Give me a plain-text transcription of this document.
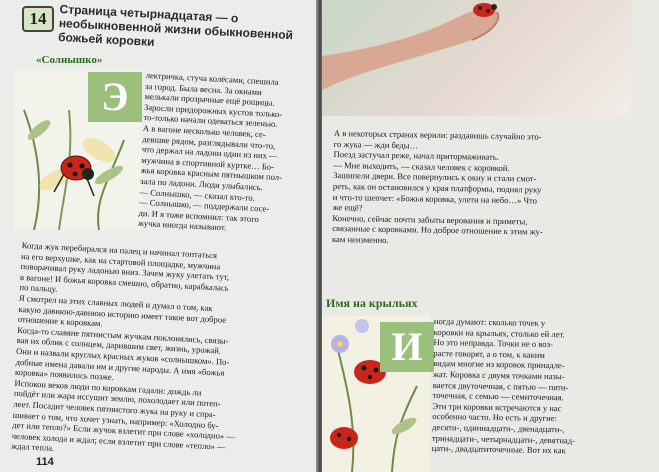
14	Страница четырнадцатая — о необыкновенной жизни обыкновенной божьей коровки
«Солнышко»
Э	лектричка, стуча колёсами, спешила
за город. Была весна. За окнами
мелькали прозрачные ещё рощицы.
Заросли придорожных кустов только-
то-только начали одеваться зеленью.
А в вагоне несколько человек, се-
девшие рядом, разглядывали что-то,
что держал на ладони один из них —
мужчина в спортивной куртке… Бо-
жья коровка красным пятнышком пол-
зала по ладони. Люди улыбались.
— Солнышко, — сказал кто-то.
— Солнышко, — поддержали сосе-
ди. И я тоже вспомнил: так этого
жучка иногда называют.
Когда жук перебирался на палец и начинал топтаться
на его верхушке, как на стартовой площадке, мужчина
поворачивал руку ладонью вниз. Зачем жуку улетать тут,
в вагоне! И божья коровка смешно, обратно, карабкалась
по пальцу.
Я смотрел на этих славных людей и думал о том, как
какую давнюю-давнюю историю имеет такое вот доброе
отношение к коровкам.
Когда-то славяне пятнистым жучкам поклонялись, связы-
вая их облик с солнцем, дарившим свет, жизнь, урожай.
Они и назвали круглых красных жуков «солнышком». По-
добные имена давали им и другие народы. А имя «божья
коровка» появилось позже.
Испокон веков люди по коровкам гадали: дождь ли
пойдёт или жара иссушит землю, похолодает или потеп-
леет. Посадит человек пятнистого жука на руку и спра-
шивает о том, что хочет узнать, например: «Холодно бу-
дет или тепло?» Если жучок взлетит при слове «холодно» —
человек холода и ждал; если взлетит при слове «тепло» —
ждал тепла.
114
А в некоторых странах верили: раздавишь случайно это-
го жука — жди беды…
Поезд застучал реже, начал притормаживать.
— Мне выходить, — сказал человек с коровкой.
Зашипели двери. Все повернулись к окну и стали смот-
реть, как он остановился у края платформы, поднял руку
и что-то шепчет: «Божья коровка, улети на небо…» Что
же ещё?
Конечно, сейчас почти забыты верования и приметы,
связанные с коровками. Но доброе отношение к этим жу-
кам неизменно.
Имя на крыльях
И
ногда думают: сколько точек у
коровки на крыльях, столько ей лет.
Но это неправда. Точки не о воз-
расте говорят, а о том, к каким
видам многие из коровок принадле-
жат. Коровка с двумя точками назы-
вается двуточечная, с пятью — пяти-
точечная, с семью — семиточечная.
Эти три коровки встречаются у нас
особенно часто. Но есть и другие:
десяти-, одиннадцати-, двенадцати-,
тринадцати-, четырнадцати-, девятнад-
цати-, двадцатиточечные. Вот их как
